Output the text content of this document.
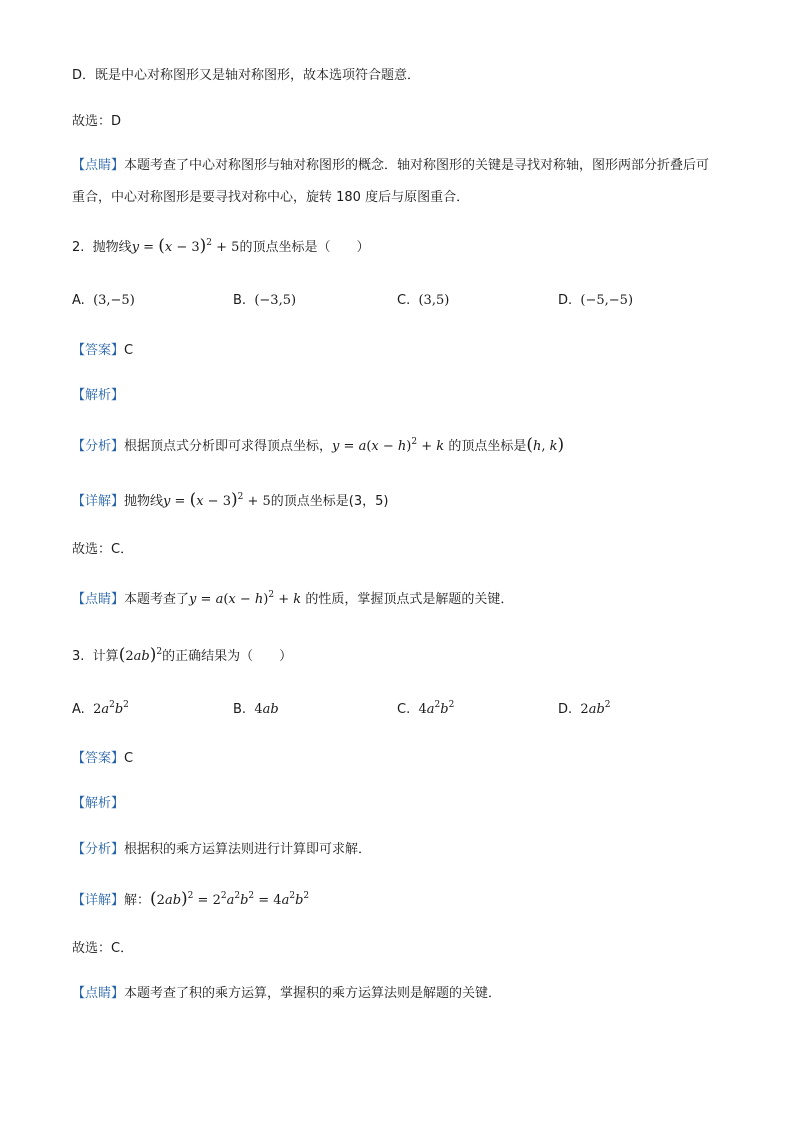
D．既是中心对称图形又是轴对称图形，故本选项符合题意．
故选：D
【点睛】本题考查了中心对称图形与轴对称图形的概念．轴对称图形的关键是寻找对称轴，图形两部分折叠后可重合，中心对称图形是要寻找对称中心，旋转 180 度后与原图重合．
2. 抛物线$y = (x - 3)^2 + 5$的顶点坐标是（　　）
A. (3,−5)	B. (−3,5)	C. (3,5)	D. (−5,−5)
【答案】C
【解析】
【分析】根据顶点式分析即可求得顶点坐标，$y = a(x - h)^2 + k$ 的顶点坐标是(h, k)
【详解】抛物线$y = (x - 3)^2 + 5$的顶点坐标是(3，5)
故选：C．
【点睛】本题考查了$y = a(x - h)^2 + k$ 的性质，掌握顶点式是解题的关键．
3. 计算$(2ab)^2$的正确结果为（　　）
A. $2a^2b^2$	B. 4ab	C. $4a^2b^2$	D. $2ab^2$
【答案】C
【解析】
【分析】根据积的乘方运算法则进行计算即可求解．
【详解】解：$(2ab)^2 = 2^2a^2b^2 = 4a^2b^2$
故选：C．
【点睛】本题考查了积的乘方运算，掌握积的乘方运算法则是解题的关键．
